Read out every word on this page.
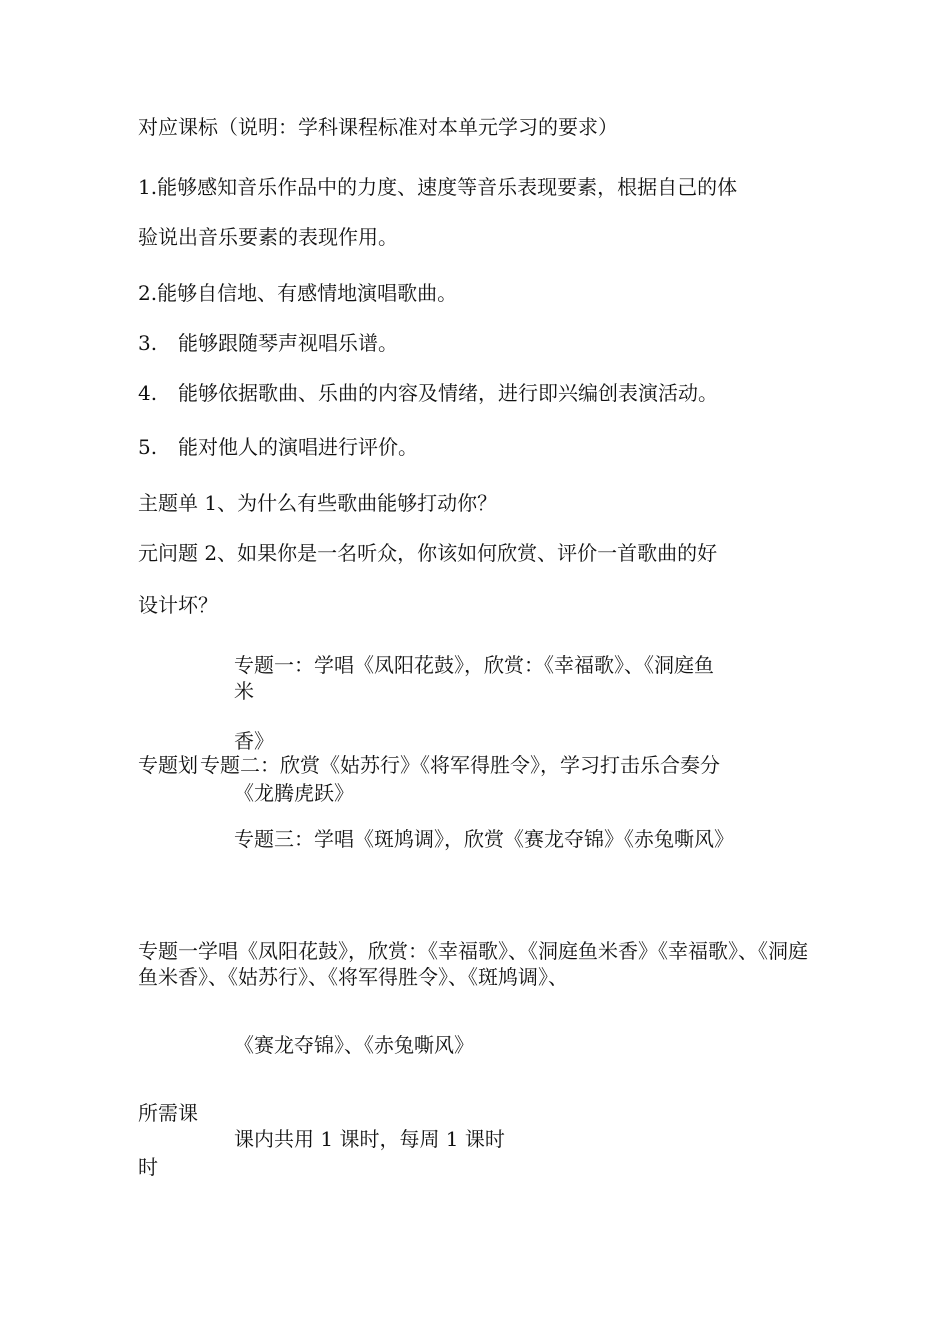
对应课标（说明：学科课程标准对本单元学习的要求）
1.能够感知音乐作品中的力度、速度等音乐表现要素，根据自己的体
验说出音乐要素的表现作用。
2.能够自信地、有感情地演唱歌曲。
3. 能够跟随琴声视唱乐谱。
4. 能够依据歌曲、乐曲的内容及情绪，进行即兴编创表演活动。
5. 能对他人的演唱进行评价。
主题单 1、为什么有些歌曲能够打动你？
元问题 2、如果你是一名听众，你该如何欣赏、评价一首歌曲的好
设计坏？
专题一：学唱《凤阳花鼓》，欣赏：《幸福歌》、《洞庭鱼
米
香》
专题划 专题二：欣赏《姑苏行》《将军得胜令》，学习打击乐合奏分
《龙腾虎跃》
专题三：学唱《斑鸠调》，欣赏《赛龙夺锦》《赤兔嘶风》
专题一学唱《凤阳花鼓》，欣赏：《幸福歌》、《洞庭鱼米香》《幸福歌》、《洞庭鱼米香》、《姑苏行》、《将军得胜令》、《斑鸠调》、
《赛龙夺锦》、《赤兔嘶风》
所需课
课内共用 1 课时，每周 1 课时
时
